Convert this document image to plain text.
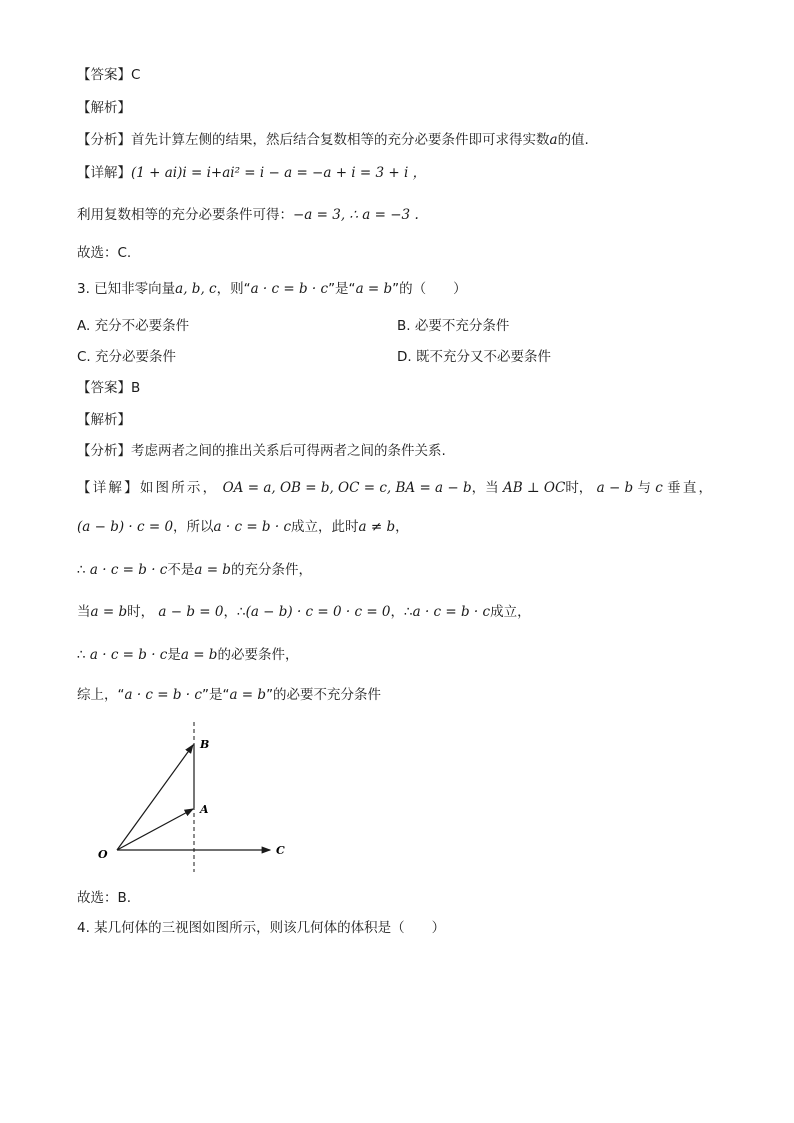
【答案】C
【解析】
【分析】首先计算左侧的结果，然后结合复数相等的充分必要条件即可求得实数a的值.
【详解】(1 + ai)i = i+ai² = i − a = −a + i = 3 + i ，
利用复数相等的充分必要条件可得：−a = 3, ∴ a = −3 .
故选：C.
3. 已知非零向量a, b, c，则“a · c = b · c”是“a = b”的（　　）
A. 充分不必要条件	B. 必要不充分条件
C. 充分必要条件	D. 既不充分又不必要条件
【答案】B
【解析】
【分析】考虑两者之间的推出关系后可得两者之间的条件关系.
【详解】如图所示， OA = a, OB = b, OC = c, BA = a − b，当 AB ⊥ OC时， a − b 与 c 垂直，
(a − b) · c = 0，所以a · c = b · c成立，此时a ≠ b，
∴ a · c = b · c不是a = b的充分条件，
当a = b时， a − b = 0，∴(a − b) · c = 0 · c = 0，∴a · c = b · c成立，
∴ a · c = b · c是a = b的必要条件，
综上，“a · c = b · c”是“a = b”的必要不充分条件
B
A
O	C
故选：B.
4. 某几何体的三视图如图所示，则该几何体的体积是（　　）
